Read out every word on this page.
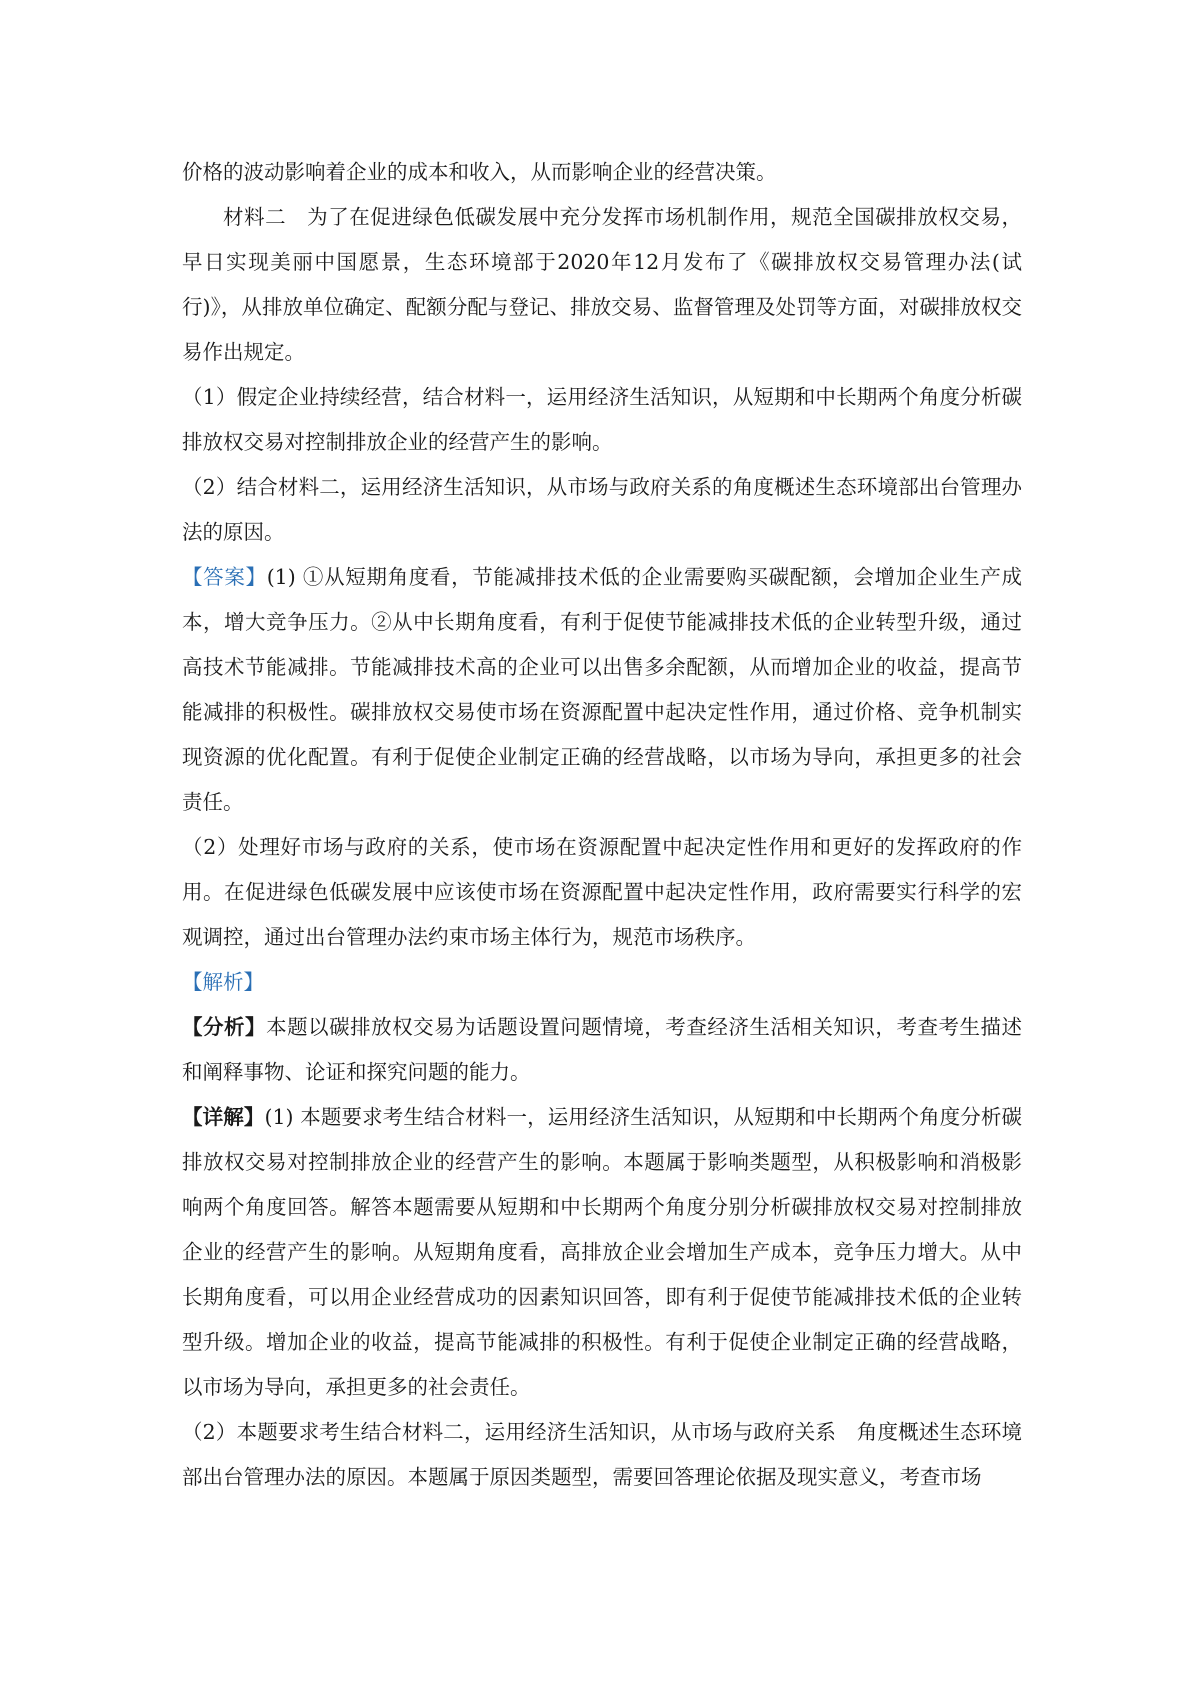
价格的波动影响着企业的成本和收入，从而影响企业的经营决策。

材料二　为了在促进绿色低碳发展中充分发挥市场机制作用，规范全国碳排放权交易，早日实现美丽中国愿景，生态环境部于2020年12月发布了《碳排放权交易管理办法(试行)》，从排放单位确定、配额分配与登记、排放交易、监督管理及处罚等方面，对碳排放权交易作出规定。

（1）假定企业持续经营，结合材料一，运用经济生活知识，从短期和中长期两个角度分析碳排放权交易对控制排放企业的经营产生的影响。

（2）结合材料二，运用经济生活知识，从市场与政府关系的角度概述生态环境部出台管理办法的原因。

【答案】(1) ①从短期角度看，节能减排技术低的企业需要购买碳配额，会增加企业生产成本，增大竞争压力。②从中长期角度看，有利于促使节能减排技术低的企业转型升级，通过高技术节能减排。节能减排技术高的企业可以出售多余配额，从而增加企业的收益，提高节能减排的积极性。碳排放权交易使市场在资源配置中起决定性作用，通过价格、竞争机制实现资源的优化配置。有利于促使企业制定正确的经营战略，以市场为导向，承担更多的社会责任。

（2）处理好市场与政府的关系，使市场在资源配置中起决定性作用和更好的发挥政府的作用。在促进绿色低碳发展中应该使市场在资源配置中起决定性作用，政府需要实行科学的宏观调控，通过出台管理办法约束市场主体行为，规范市场秩序。

【解析】

【分析】本题以碳排放权交易为话题设置问题情境，考查经济生活相关知识，考查考生描述和阐释事物、论证和探究问题的能力。

【详解】(1) 本题要求考生结合材料一，运用经济生活知识，从短期和中长期两个角度分析碳排放权交易对控制排放企业的经营产生的影响。本题属于影响类题型，从积极影响和消极影响两个角度回答。解答本题需要从短期和中长期两个角度分别分析碳排放权交易对控制排放企业的经营产生的影响。从短期角度看，高排放企业会增加生产成本，竞争压力增大。从中长期角度看，可以用企业经营成功的因素知识回答，即有利于促使节能减排技术低的企业转型升级。增加企业的收益，提高节能减排的积极性。有利于促使企业制定正确的经营战略，以市场为导向，承担更多的社会责任。

（2）本题要求考生结合材料二，运用经济生活知识，从市场与政府关系　角度概述生态环境部出台管理办法的原因。本题属于原因类题型，需要回答理论依据及现实意义，考查市场
